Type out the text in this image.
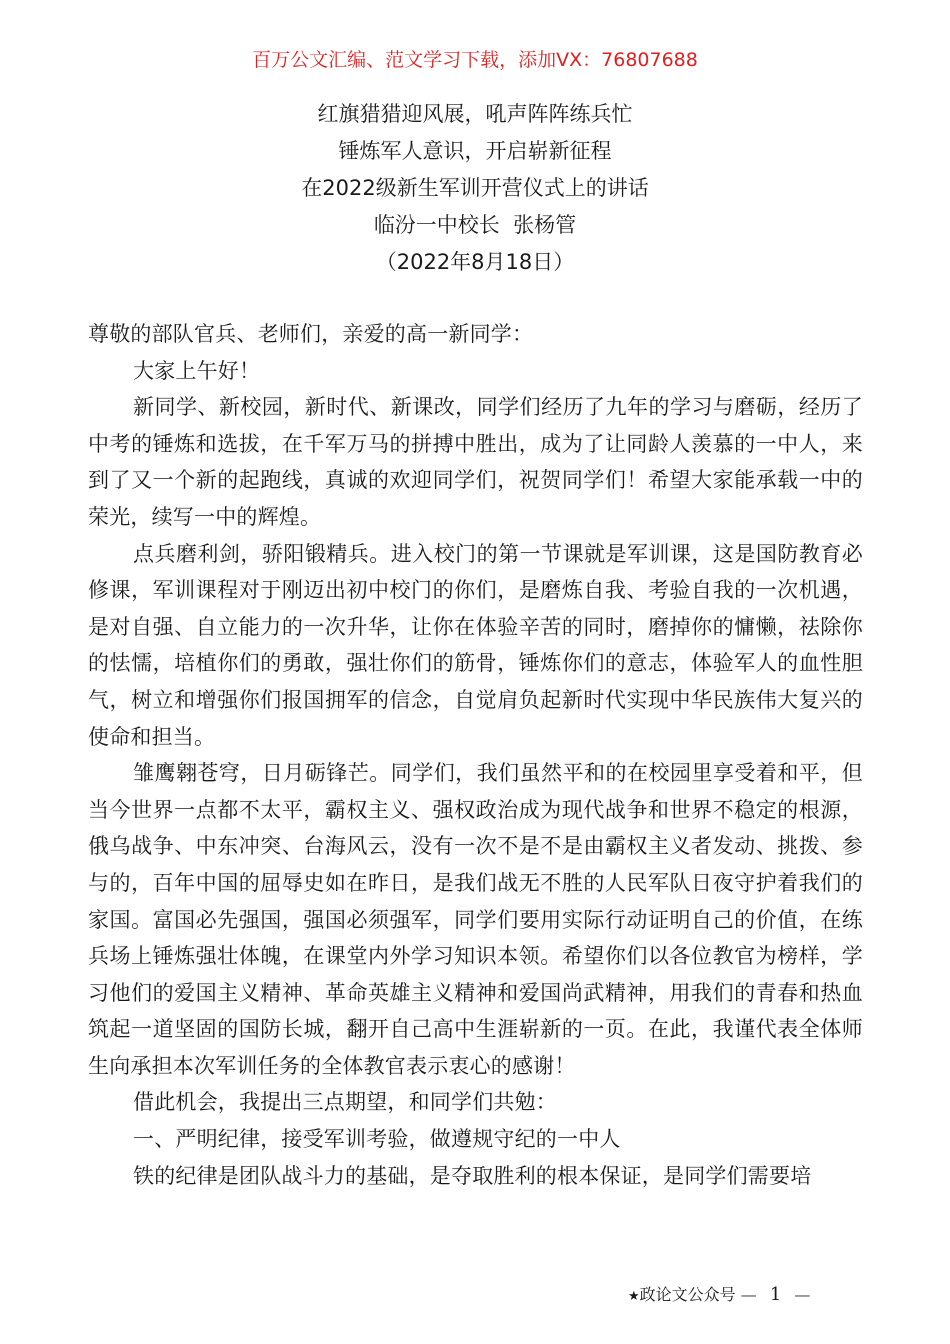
百万公文汇编、范文学习下载，添加VX：76807688
红旗猎猎迎风展，吼声阵阵练兵忙
锤炼军人意识，开启崭新征程
在2022级新生军训开营仪式上的讲话
临汾一中校长  张杨管
（2022年8月18日）

尊敬的部队官兵、老师们，亲爱的高一新同学：

大家上午好！

新同学、新校园，新时代、新课改，同学们经历了九年的学习与磨砺，经历了中考的锤炼和选拔，在千军万马的拼搏中胜出，成为了让同龄人羡慕的一中人，来到了又一个新的起跑线，真诚的欢迎同学们，祝贺同学们！希望大家能承载一中的荣光，续写一中的辉煌。

点兵磨利剑，骄阳锻精兵。进入校门的第一节课就是军训课，这是国防教育必修课，军训课程对于刚迈出初中校门的你们，是磨炼自我、考验自我的一次机遇，是对自强、自立能力的一次升华，让你在体验辛苦的同时，磨掉你的慵懒，祛除你的怯懦，培植你们的勇敢，强壮你们的筋骨，锤炼你们的意志，体验军人的血性胆气，树立和增强你们报国拥军的信念，自觉肩负起新时代实现中华民族伟大复兴的使命和担当。

雏鹰翱苍穹，日月砺锋芒。同学们，我们虽然平和的在校园里享受着和平，但当今世界一点都不太平，霸权主义、强权政治成为现代战争和世界不稳定的根源，俄乌战争、中东冲突、台海风云，没有一次不是不是由霸权主义者发动、挑拨、参与的，百年中国的屈辱史如在昨日，是我们战无不胜的人民军队日夜守护着我们的家国。富国必先强国，强国必须强军，同学们要用实际行动证明自己的价值，在练兵场上锤炼强壮体魄，在课堂内外学习知识本领。希望你们以各位教官为榜样，学习他们的爱国主义精神、革命英雄主义精神和爱国尚武精神，用我们的青春和热血筑起一道坚固的国防长城，翻开自己高中生涯崭新的一页。在此，我谨代表全体师生向承担本次军训任务的全体教官表示衷心的感谢！

借此机会，我提出三点期望，和同学们共勉：

一、严明纪律，接受军训考验，做遵规守纪的一中人

铁的纪律是团队战斗力的基础，是夺取胜利的根本保证，是同学们需要培

★政论文公众号 — 1 —
